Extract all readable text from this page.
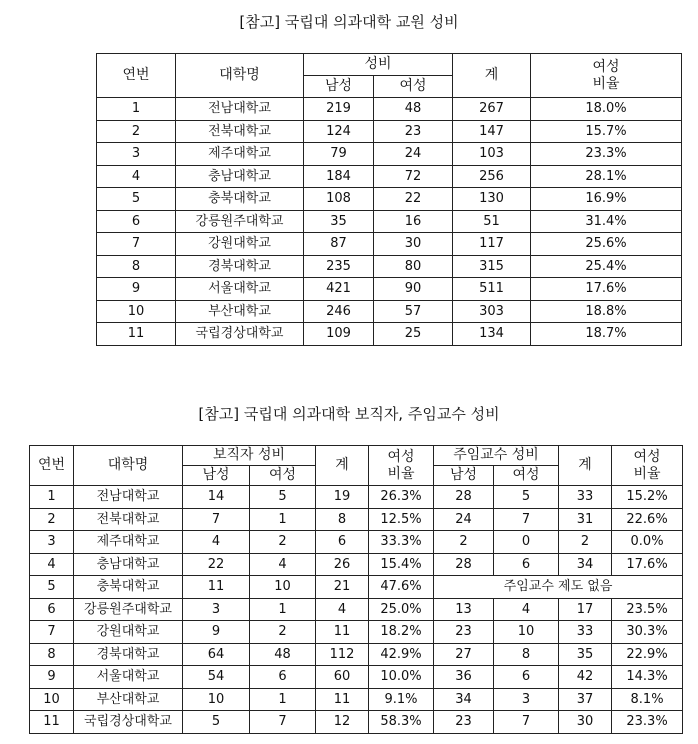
[참고] 국립대 의과대학 교원 성비
연번	대학명	성비		계	여성
비율
		남성	여성		
1	전남대학교	219	48	267	18.0%
2	전북대학교	124	23	147	15.7%
3	제주대학교	79	24	103	23.3%
4	충남대학교	184	72	256	28.1%
5	충북대학교	108	22	130	16.9%
6	강릉원주대학교	35	16	51	31.4%
7	강원대학교	87	30	117	25.6%
8	경북대학교	235	80	315	25.4%
9	서울대학교	421	90	511	17.6%
10	부산대학교	246	57	303	18.8%
11	국립경상대학교	109	25	134	18.7%
[참고] 국립대 의과대학 보직자, 주임교수 성비
연번	대학명	보직자 성비		계	여성
비율	주임교수 성비		계	여성
비율
		남성	여성			남성	여성		
1	전남대학교	14	5	19	26.3%	28	5	33	15.2%
2	전북대학교	7	1	8	12.5%	24	7	31	22.6%
3	제주대학교	4	2	6	33.3%	2	0	2	0.0%
4	충남대학교	22	4	26	15.4%	28	6	34	17.6%
5	충북대학교	11	10	21	47.6%	주임교수 제도 없음			
6	강릉원주대학교	3	1	4	25.0%	13	4	17	23.5%
7	강원대학교	9	2	11	18.2%	23	10	33	30.3%
8	경북대학교	64	48	112	42.9%	27	8	35	22.9%
9	서울대학교	54	6	60	10.0%	36	6	42	14.3%
10	부산대학교	10	1	11	9.1%	34	3	37	8.1%
11	국립경상대학교	5	7	12	58.3%	23	7	30	23.3%
